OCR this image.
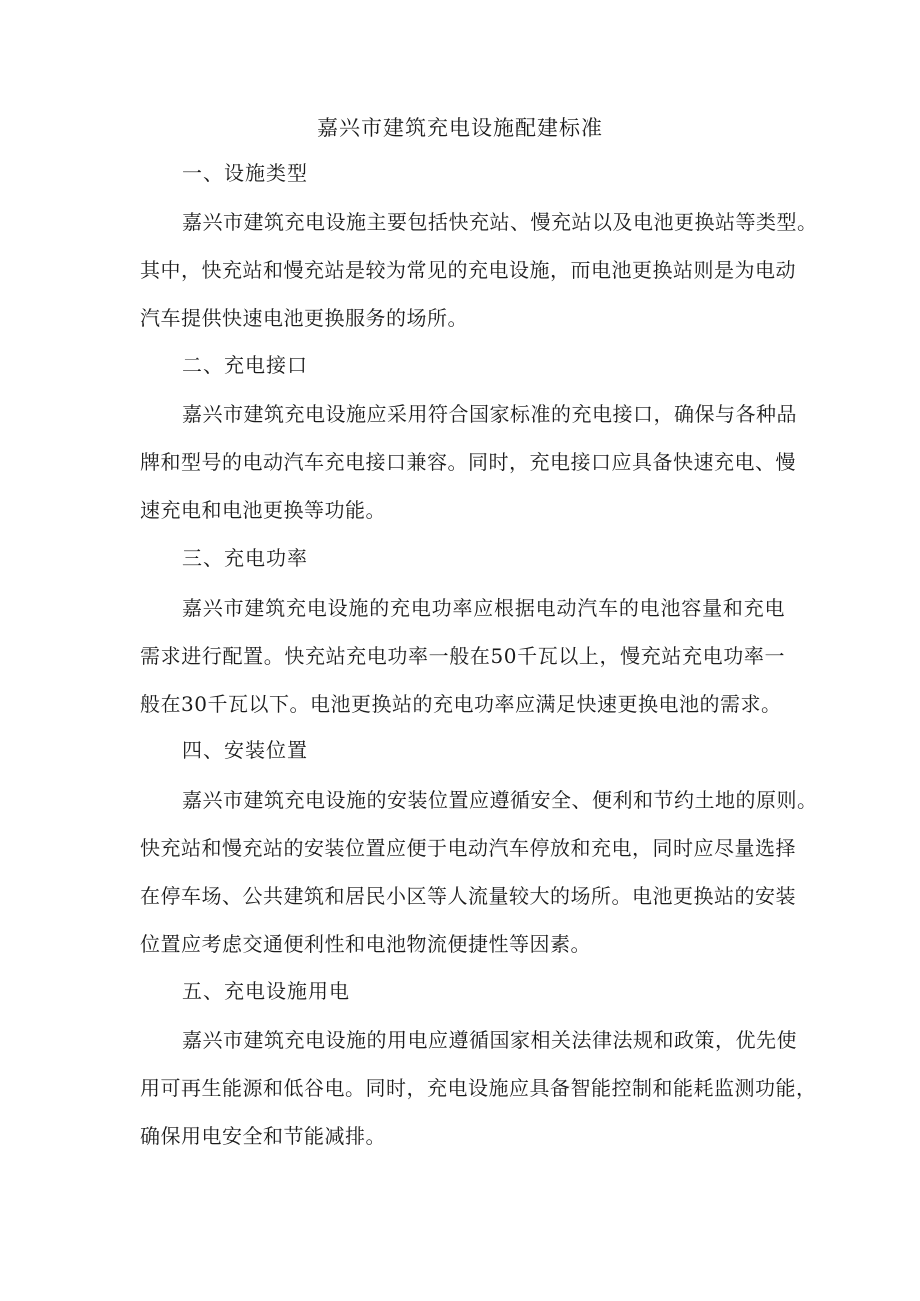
嘉兴市建筑充电设施配建标准
一、设施类型
嘉兴市建筑充电设施主要包括快充站、慢充站以及电池更换站等类型。
其中，快充站和慢充站是较为常见的充电设施，而电池更换站则是为电动
汽车提供快速电池更换服务的场所。
二、充电接口
嘉兴市建筑充电设施应采用符合国家标准的充电接口，确保与各种品
牌和型号的电动汽车充电接口兼容。同时，充电接口应具备快速充电、慢
速充电和电池更换等功能。
三、充电功率
嘉兴市建筑充电设施的充电功率应根据电动汽车的电池容量和充电
需求进行配置。快充站充电功率一般在50千瓦以上，慢充站充电功率一
般在30千瓦以下。电池更换站的充电功率应满足快速更换电池的需求。
四、安装位置
嘉兴市建筑充电设施的安装位置应遵循安全、便利和节约土地的原则。
快充站和慢充站的安装位置应便于电动汽车停放和充电，同时应尽量选择
在停车场、公共建筑和居民小区等人流量较大的场所。电池更换站的安装
位置应考虑交通便利性和电池物流便捷性等因素。
五、充电设施用电
嘉兴市建筑充电设施的用电应遵循国家相关法律法规和政策，优先使
用可再生能源和低谷电。同时，充电设施应具备智能控制和能耗监测功能，
确保用电安全和节能减排。
